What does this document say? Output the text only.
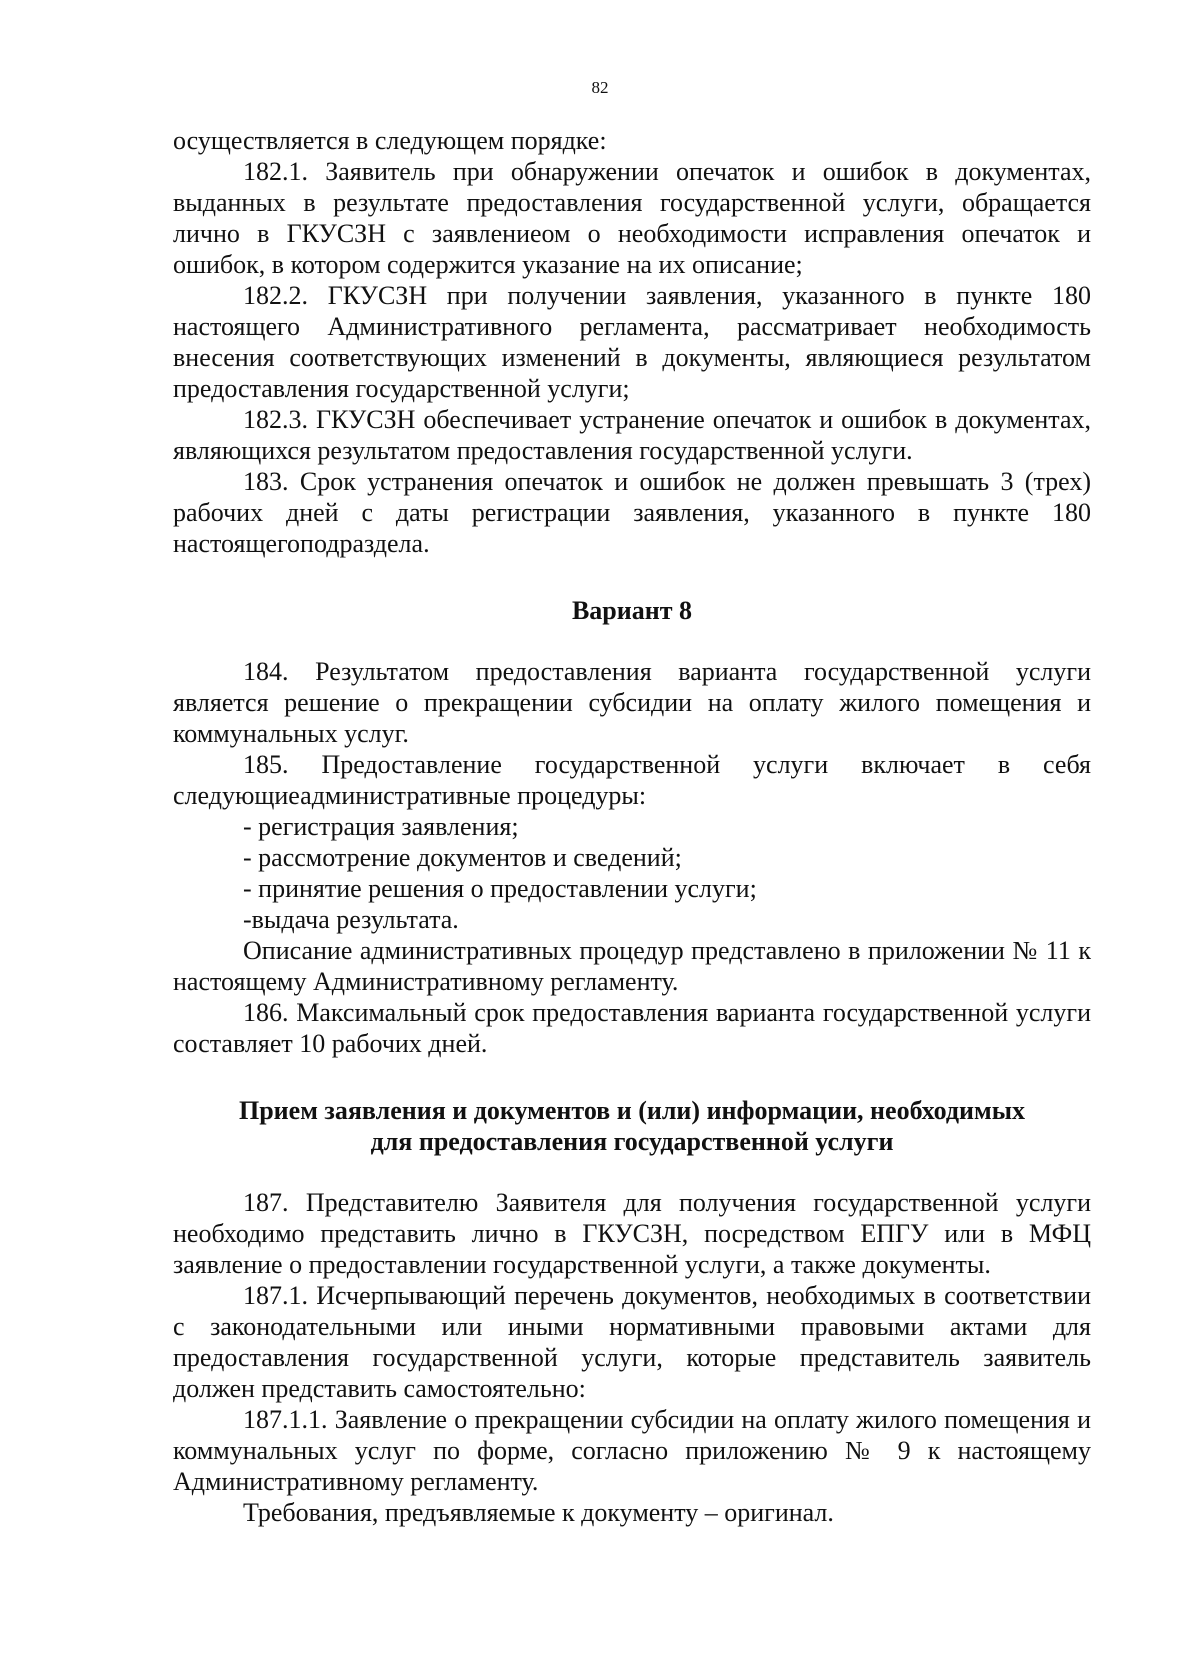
82

осуществляется в следующем порядке:

182.1. Заявитель при обнаружении опечаток и ошибок в документах, выданных в результате предоставления государственной услуги, обращается лично в ГКУСЗН с заявлениеом о необходимости исправления опечаток и ошибок, в котором содержится указание на их описание;

182.2. ГКУСЗН при получении заявления, указанного в пункте 180 настоящего Административного регламента, рассматривает необходимость внесения соответствующих изменений в документы, являющиеся результатом предоставления государственной услуги;

182.3. ГКУСЗН обеспечивает устранение опечаток и ошибок в документах, являющихся результатом предоставления государственной услуги.

183. Срок устранения опечаток и ошибок не должен превышать 3 (трех) рабочих дней с даты регистрации заявления, указанного в пункте 180 настоящегоподраздела.

Вариант 8

184. Результатом предоставления варианта государственной услуги является решение о прекращении субсидии на оплату жилого помещения и коммунальных услуг.

185. Предоставление государственной услуги включает в себя следующиеадминистративные процедуры:

- регистрация заявления;

- рассмотрение документов и сведений;

- принятие решения о предоставлении услуги;

-выдача результата.

Описание административных процедур представлено в приложении № 11 к настоящему Административному регламенту.

186. Максимальный срок предоставления варианта государственной услуги составляет 10 рабочих дней.

Прием заявления и документов и (или) информации, необходимых

для предоставления государственной услуги

187. Представителю Заявителя для получения государственной услуги необходимо представить лично в ГКУСЗН, посредством ЕПГУ или в МФЦ заявление о предоставлении государственной услуги, а также документы.

187.1. Исчерпывающий перечень документов, необходимых в соответствии с законодательными или иными нормативными правовыми актами для предоставления государственной услуги, которые представитель заявитель должен представить самостоятельно:

187.1.1. Заявление о прекращении субсидии на оплату жилого помещения и коммунальных услуг по форме, согласно приложению № 9 к настоящему Административному регламенту.

Требования, предъявляемые к документу – оригинал.
